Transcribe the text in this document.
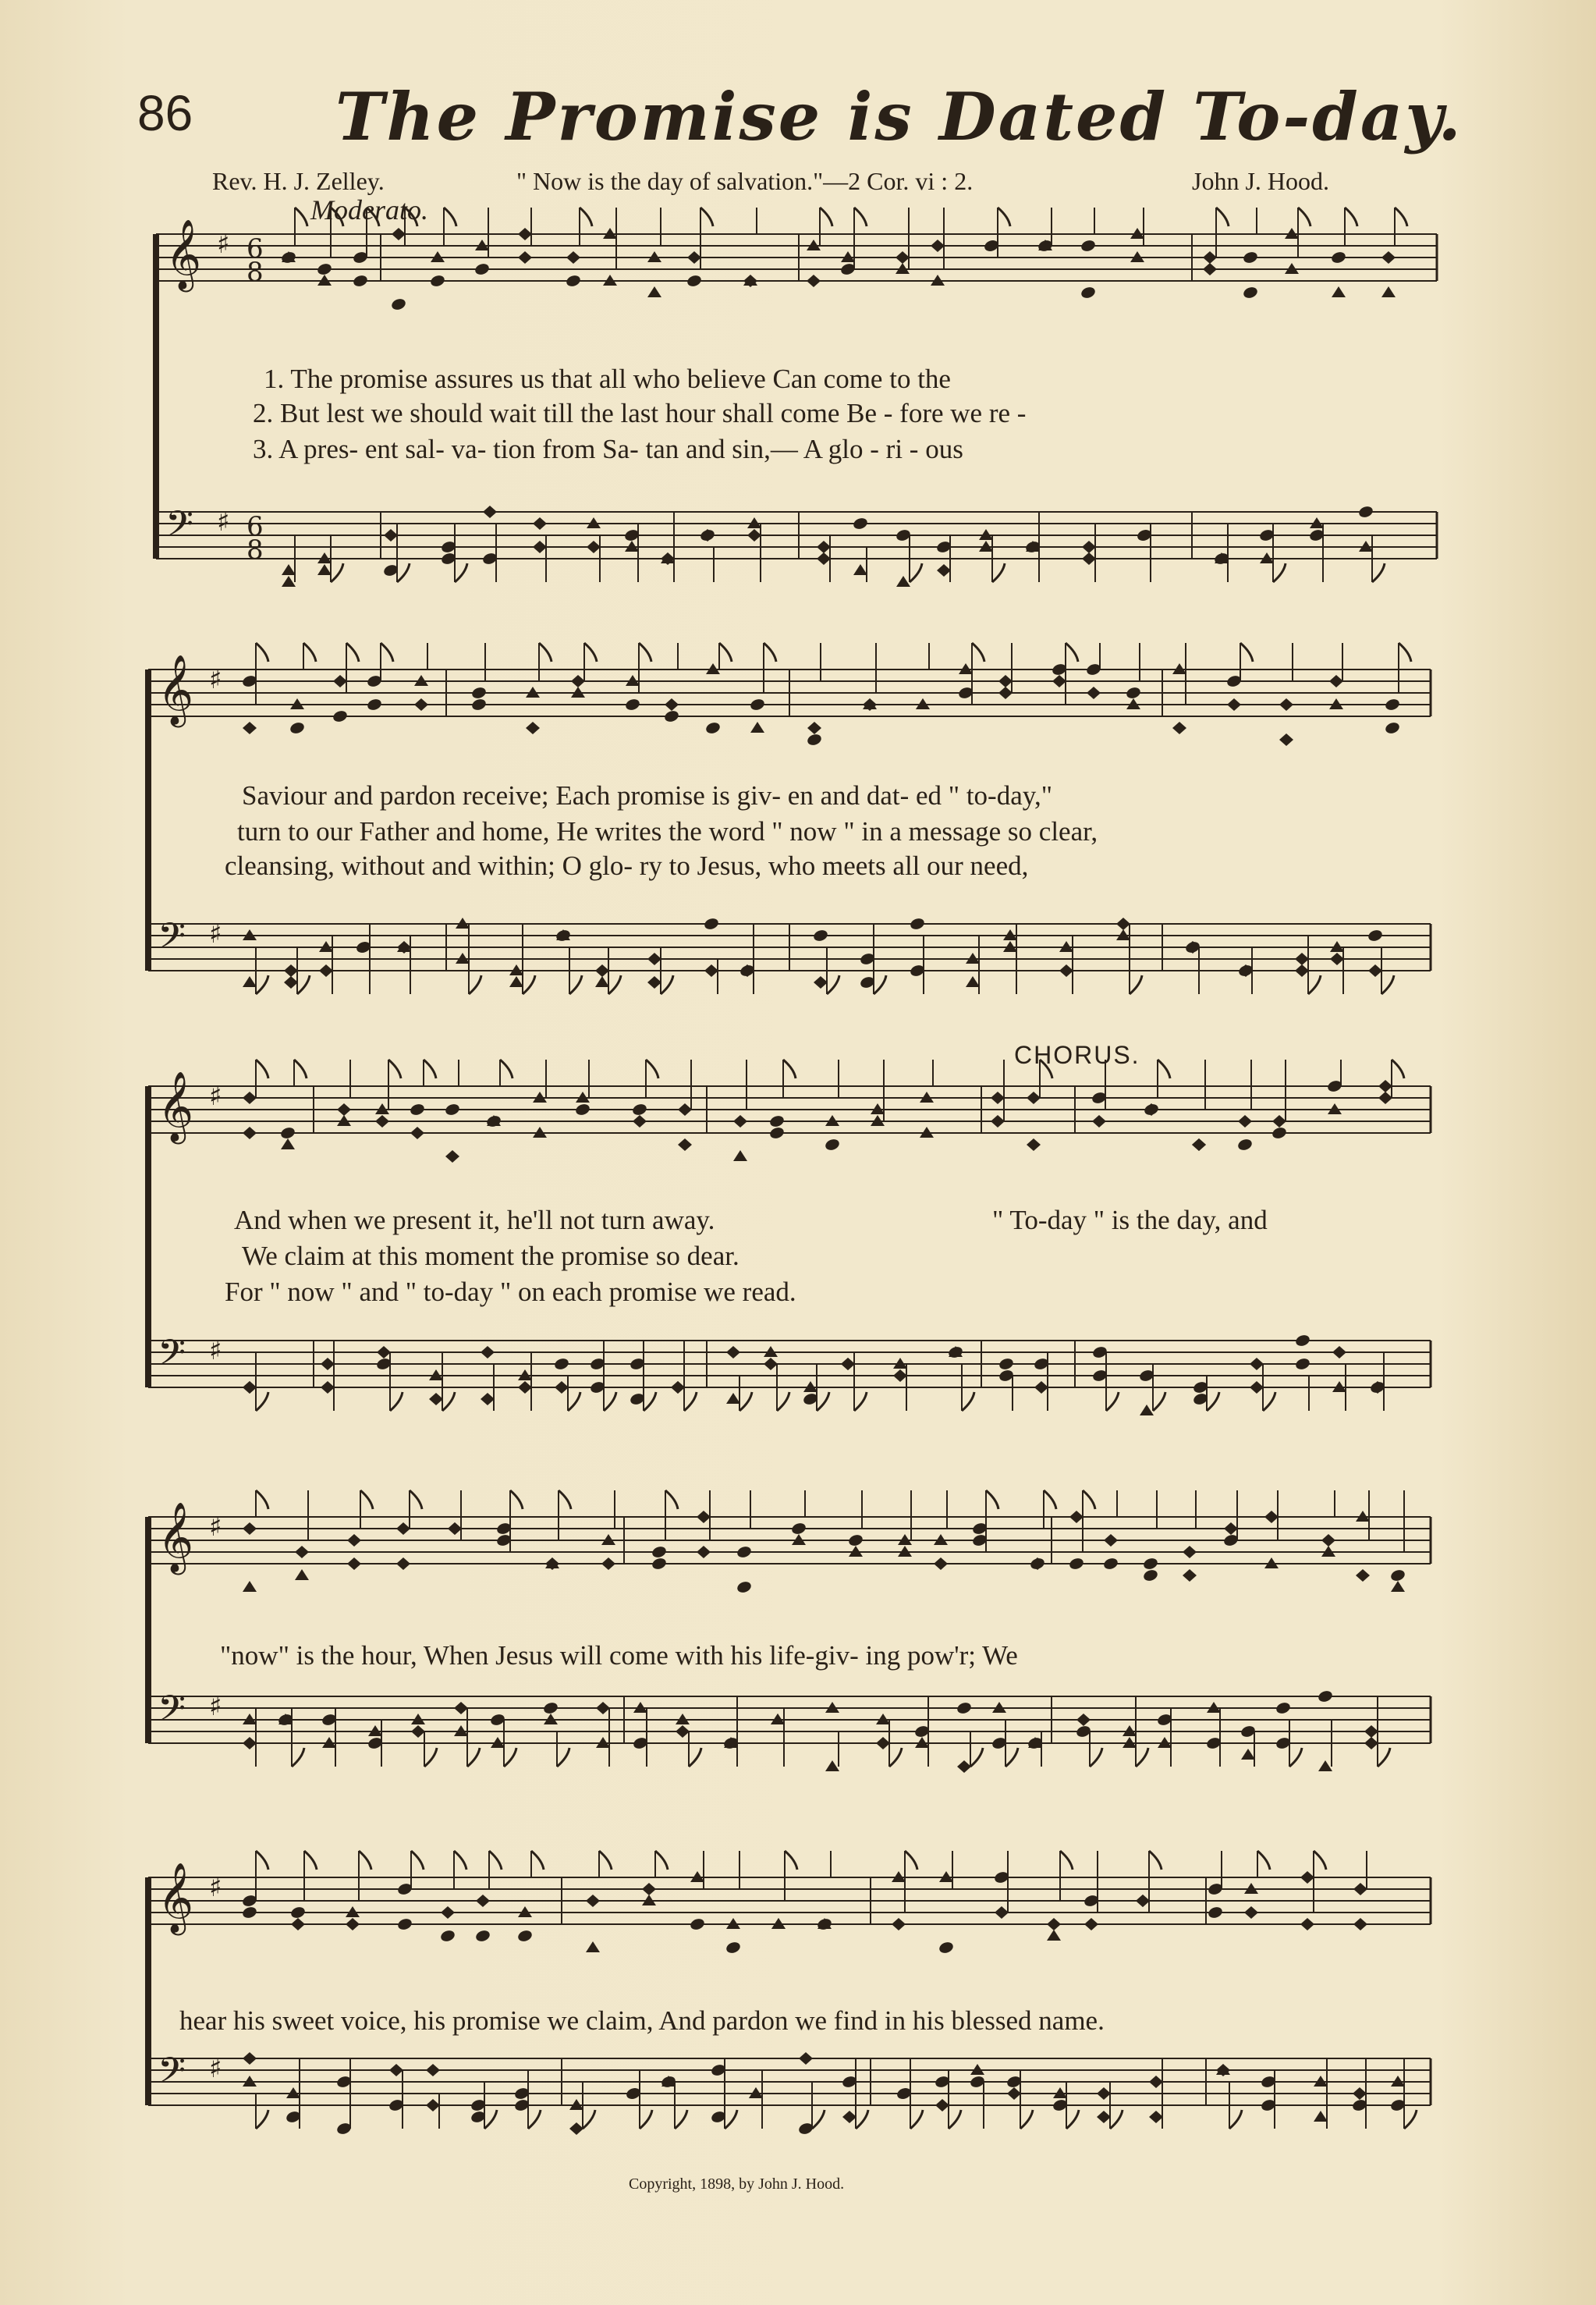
86 The Promise is Dated To-day.
Rev. H. J. Zelley.	" Now is the day of salvation."—2 Cor. vi : 2.	John J. Hood.
Moderato.
𝄞 ♯ 6
8
𝄢 ♯ 6
8
𝄞 ♯
𝄢 ♯
𝄞 ♯
𝄢 ♯
𝄞 ♯
𝄢 ♯
𝄞 ♯
𝄢 ♯
1. The promise assures us that all who believe Can come to the
2. But lest we should wait till the last hour shall come Be - fore we re -
3. A pres- ent sal- va- tion from Sa- tan and sin,— A glo - ri - ous
Saviour and pardon receive; Each promise is giv- en and dat- ed " to-day,"
turn to our Father and home, He writes the word " now " in a message so clear,
cleansing, without and within; O glo- ry to Jesus, who meets all our need,
CHORUS.
And when we present it, he'll not turn away.
We claim at this moment the promise so dear.
For " now " and " to-day " on each promise we read.
" To-day " is the day, and
"now" is the hour, When Jesus will come with his life-giv- ing pow'r; We
hear his sweet voice, his promise we claim, And pardon we find in his blessed name.
Copyright, 1898, by John J. Hood.
